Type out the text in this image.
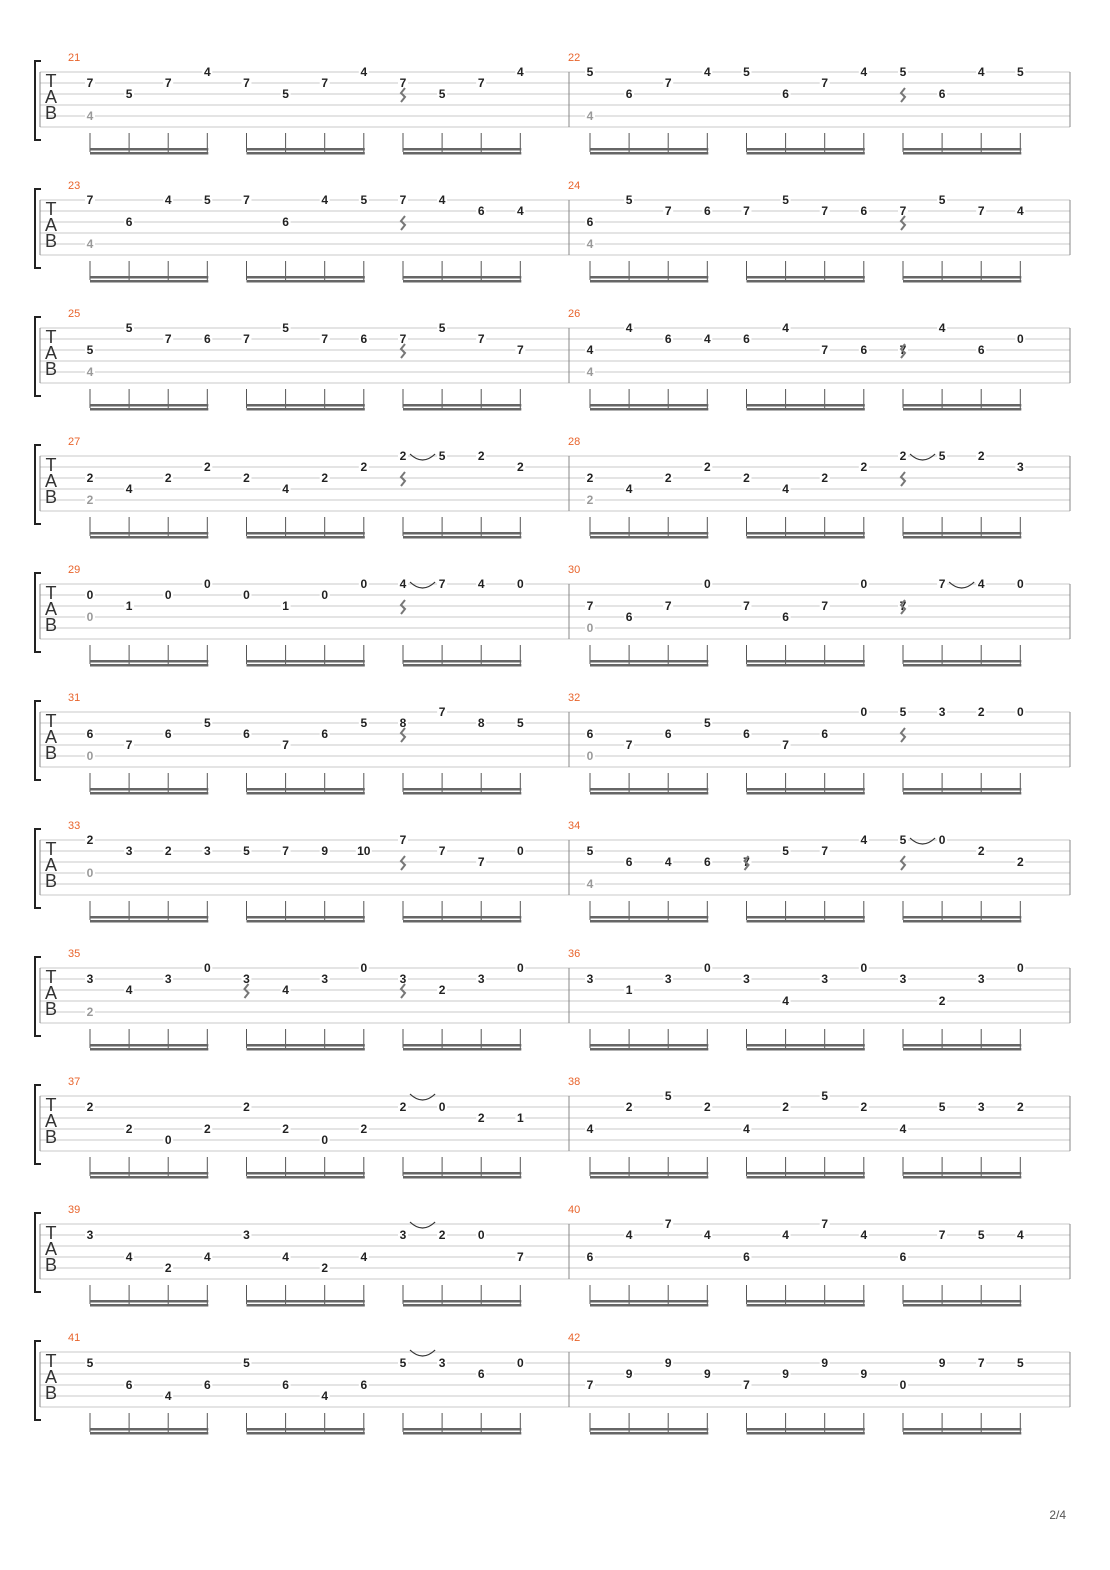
T
A
B
21
7
4
5
7
4
7
5
7
4
7
5
7
4
22
5
4
6
7
4	5
6
7
4	5
6
4	5
T
A
B
23
7
4
6
4	5	7
6
4	5	7	4
6	4
24
6
4
5
7	6	7
5
7	6	7
5
7	4
T
A
B
25
5
4
5
7	6	7
5
7	6	7
5
7
7
26
4
4
4
6	4	6
4
7	6	7
4
6
0
T
A
B
27
2
2
4
2
2
2
4
2
2
2	5	2
2
28
2
2
4
2
2
2
4
2
2
2	5	2
3
T
A
B
29
0
0
1
0
0
0
1
0
0	4	7	4	0
30
7
0
6
7
0
7
6
7
0
7
7	4	0
T
A
B
31
6
0
7
6
5
6
7
6
5	8
7
8	5
32
6
0
7
6
5
6
7
6
0	5	3	2	0
T
A
B
33
2
0
3	2	3	5	7	9 10
7
7
7
0
34
5
4
6	4	6	7
5	7
4	5	0
2
2
T
A
B
35
3
2
4
3
0
3
4
3
0
3
2
3
0
36
3
1
3
0
3
4
3
0
3
2
3
0
T
A
B
37
2
2
0
2
2
2
0
2
2	0
2	1
38
4
2
5
2
4
2
5
2
4
5	3	2
T
A
B
39
3
4
2
4
3
4
2
4
3	2	0
7
40
6
4
7
4
6
4
7
4
6
7	5	4
T
A
B
41
5
6
4
6
5
6
4
6
5	3
6
0
42
7
9
9
9
7
9
9
9
0
9	7	5
2/4
